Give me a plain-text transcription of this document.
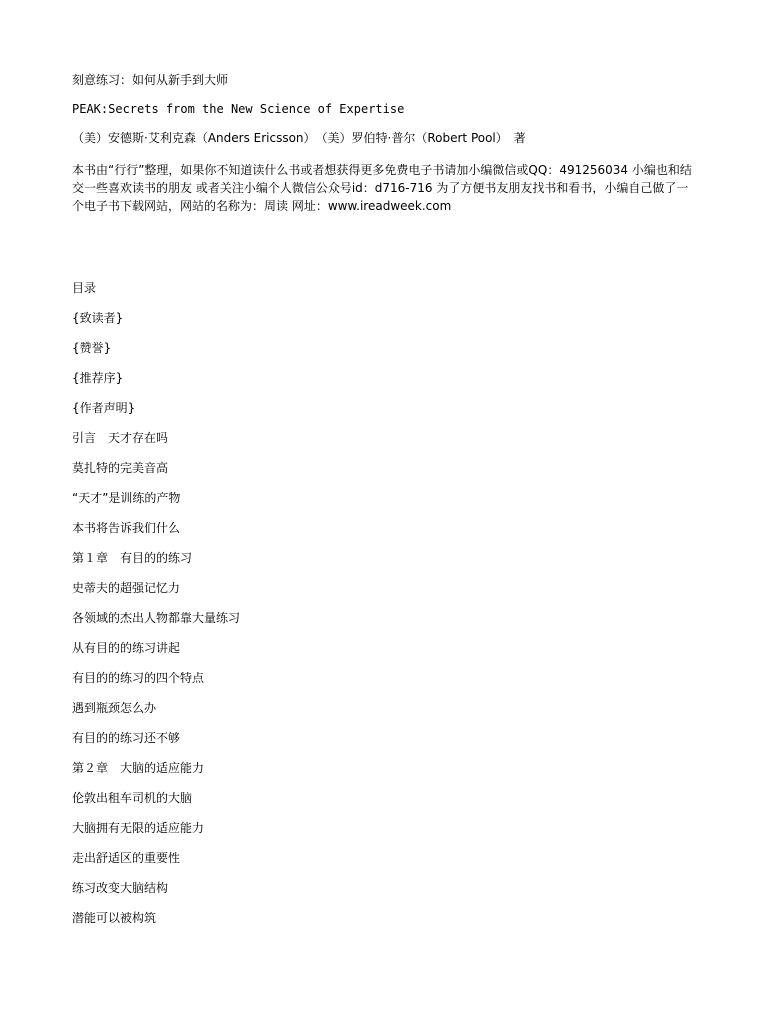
刻意练习：如何从新手到大师
PEAK:Secrets from the New Science of Expertise
（美）安德斯·艾利克森（Anders Ericsson）　（美）罗伯特·普尔（Robert Pool）　著
本书由“行行”整理，如果你不知道读什么书或者想获得更多免费电子书请加小编微信或QQ：491256034 小编也和结交一些喜欢读书的朋友 或者关注小编个人微信公众号id：d716-716 为了方便书友朋友找书和看书，小编自己做了一个电子书下载网站，网站的名称为：周读 网址：www.ireadweek.com
目录
{致读者}
{赞誉}
{推荐序}
{作者声明}
引言　天才存在吗
莫扎特的完美音高
“天才”是训练的产物
本书将告诉我们什么
第１章　有目的的练习
史蒂夫的超强记忆力
各领域的杰出人物都靠大量练习
从有目的的练习讲起
有目的的练习的四个特点
遇到瓶颈怎么办
有目的的练习还不够
第２章　大脑的适应能力
伦敦出租车司机的大脑
大脑拥有无限的适应能力
走出舒适区的重要性
练习改变大脑结构
潜能可以被构筑
